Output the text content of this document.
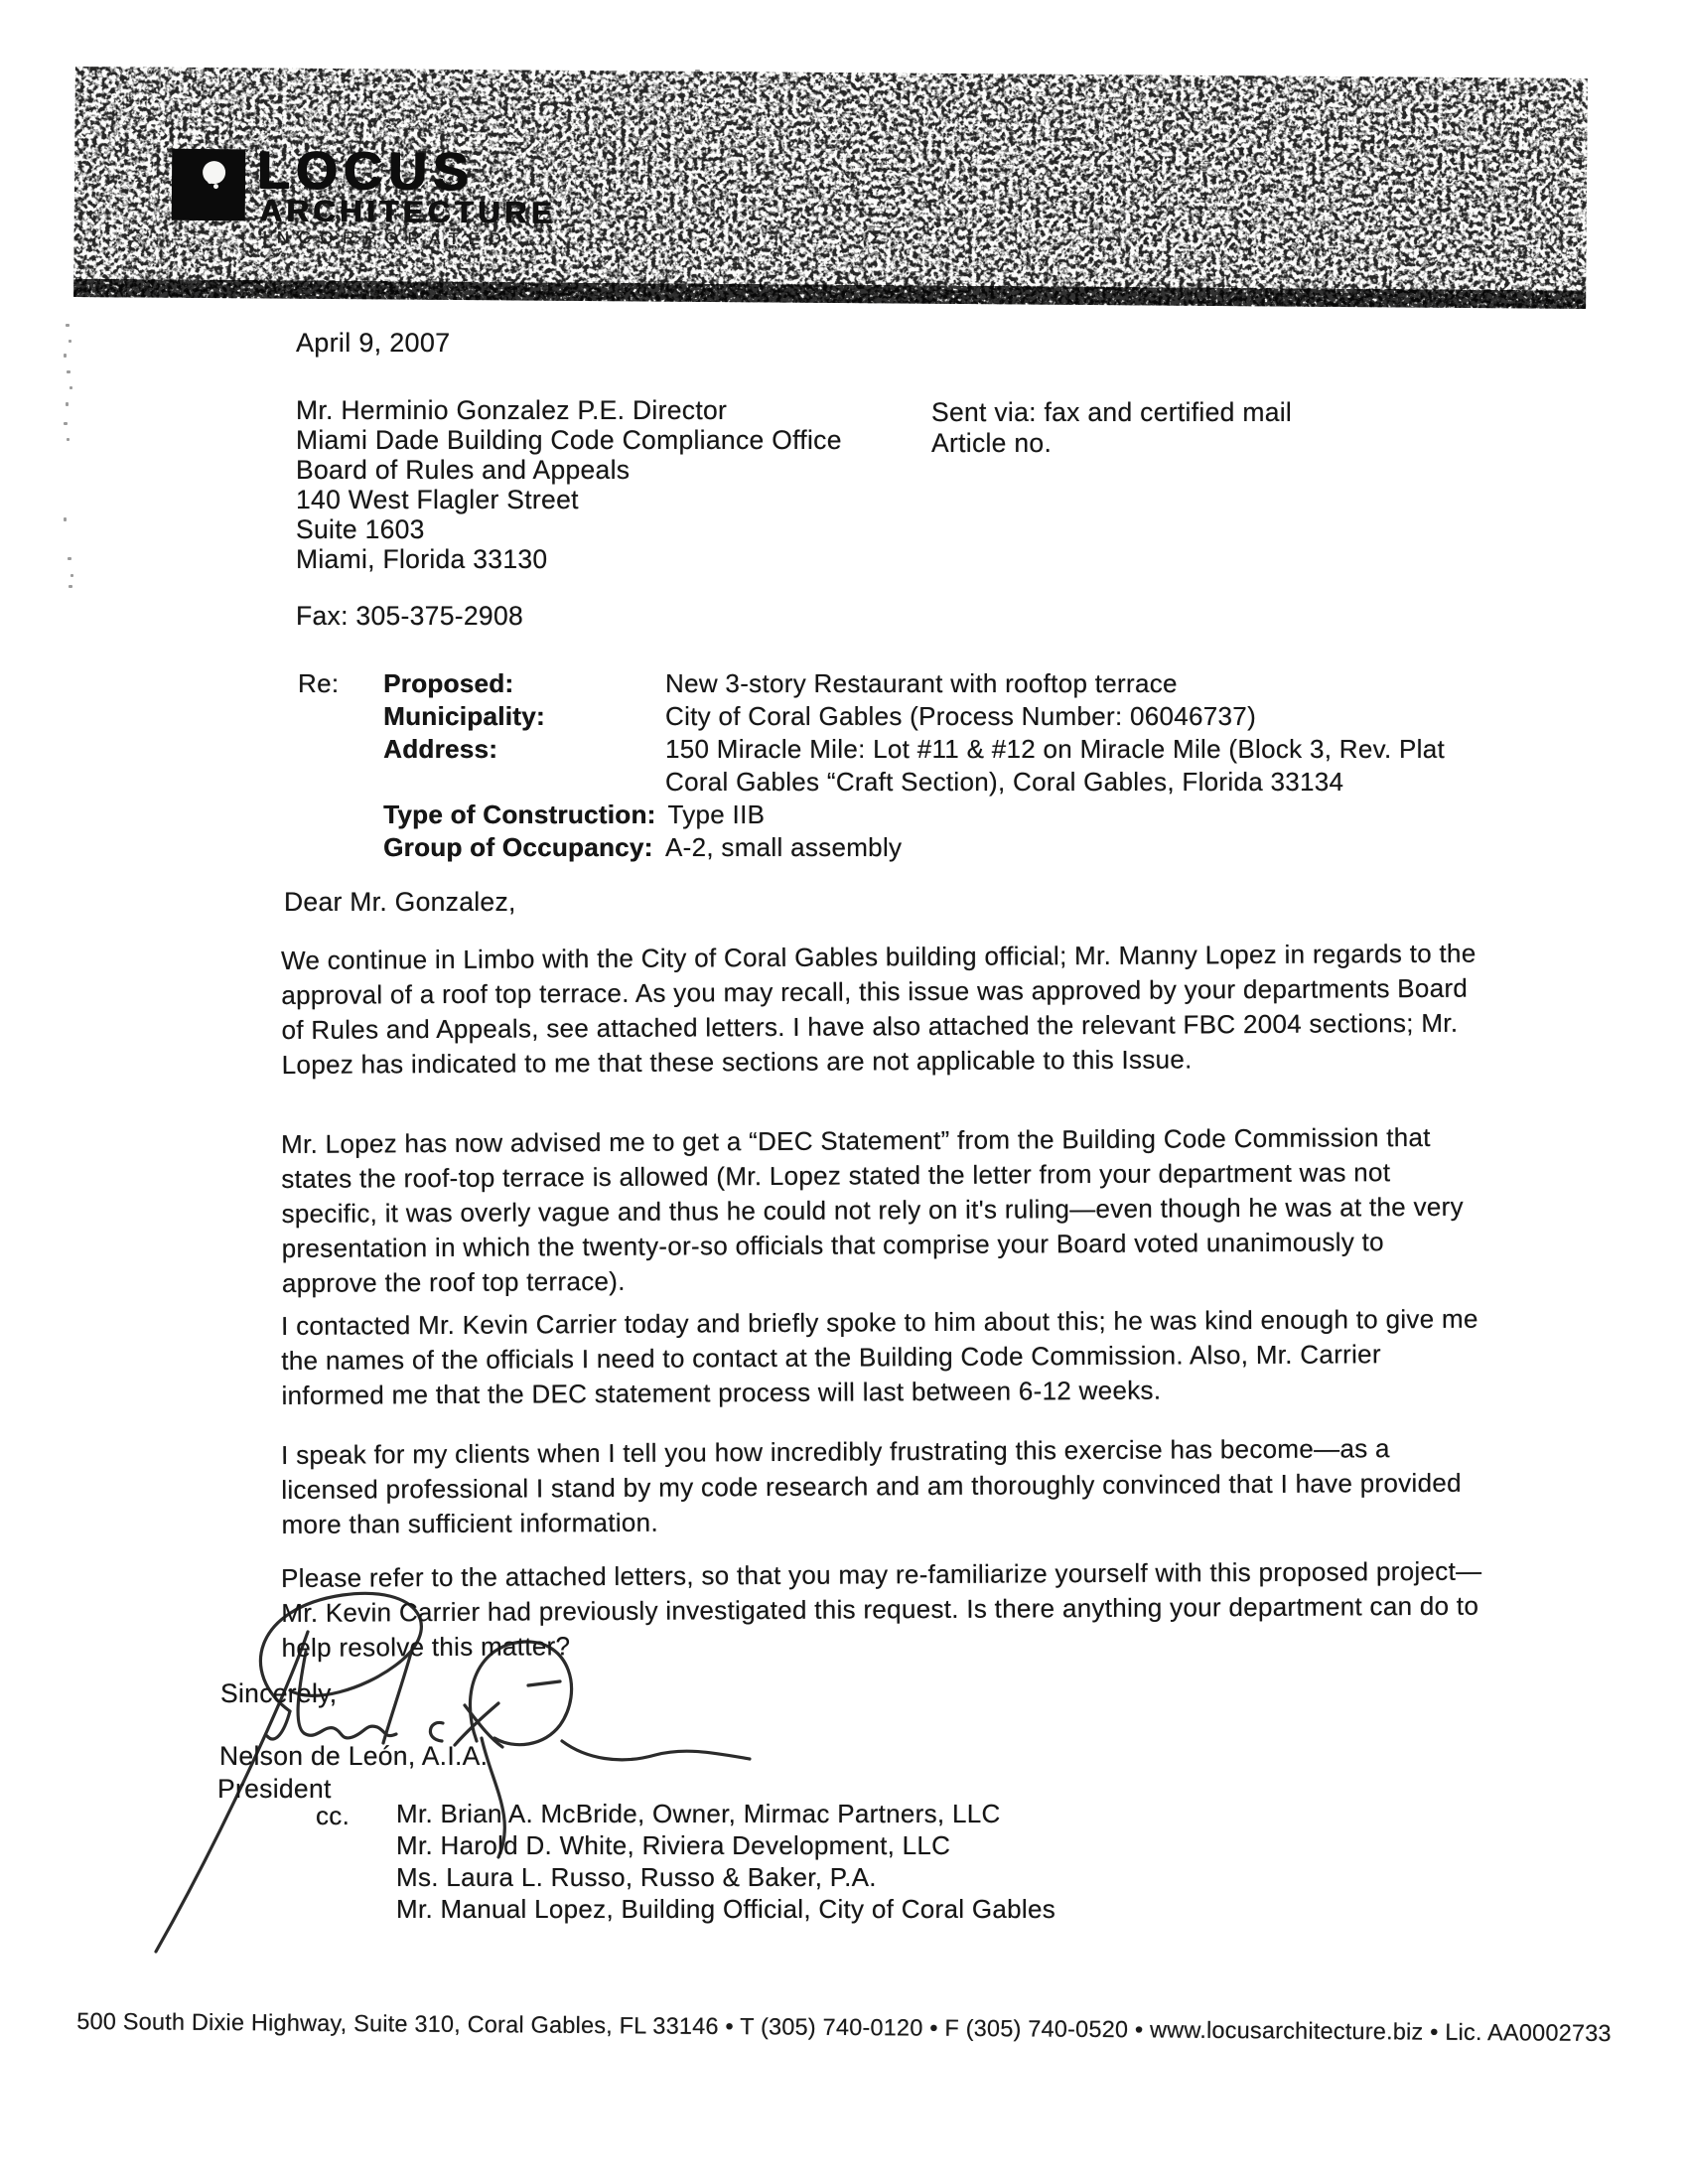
LOCUS
ARCHITECTURE
INCORPORATED
April 9, 2007
Mr. Herminio Gonzalez P.E. Director
Miami Dade Building Code Compliance Office
Board of Rules and Appeals
140 West Flagler Street
Suite 1603
Miami, Florida 33130
Sent via: fax and certified mail
Article no.
Fax: 305-375-2908
Re:	Proposed:	New 3-story Restaurant with rooftop terrace
Municipality:	City of Coral Gables (Process Number: 06046737)
Address:	150 Miracle Mile: Lot #11 & #12 on Miracle Mile (Block 3, Rev. Plat Coral Gables “Craft Section), Coral Gables, Florida 33134
Type of Construction: Type IIB
Group of Occupancy: A-2, small assembly
Dear Mr. Gonzalez,
We continue in Limbo with the City of Coral Gables building official; Mr. Manny Lopez in regards to the approval of a roof top terrace. As you may recall, this issue was approved by your departments Board of Rules and Appeals, see attached letters. I have also attached the relevant FBC 2004 sections; Mr. Lopez has indicated to me that these sections are not applicable to this Issue.
Mr. Lopez has now advised me to get a “DEC Statement” from the Building Code Commission that states the roof-top terrace is allowed (Mr. Lopez stated the letter from your department was not specific, it was overly vague and thus he could not rely on it's ruling—even though he was at the very presentation in which the twenty-or-so officials that comprise your Board voted unanimously to approve the roof top terrace).
I contacted Mr. Kevin Carrier today and briefly spoke to him about this; he was kind enough to give me the names of the officials I need to contact at the Building Code Commission. Also, Mr. Carrier informed me that the DEC statement process will last between 6-12 weeks.
I speak for my clients when I tell you how incredibly frustrating this exercise has become—as a licensed professional I stand by my code research and am thoroughly convinced that I have provided more than sufficient information.
Please refer to the attached letters, so that you may re-familiarize yourself with this proposed project—Mr. Kevin Carrier had previously investigated this request. Is there anything your department can do to help resolve this matter?
Sincerely,
Nelson de León, A.I.A.
President
cc. Mr. Brian A. McBride, Owner, Mirmac Partners, LLC
Mr. Harold D. White, Riviera Development, LLC
Ms. Laura L. Russo, Russo & Baker, P.A.
Mr. Manual Lopez, Building Official, City of Coral Gables
500 South Dixie Highway, Suite 310, Coral Gables, FL 33146 • T (305) 740-0120 • F (305) 740-0520 • www.locusarchitecture.biz • Lic. AA0002733
